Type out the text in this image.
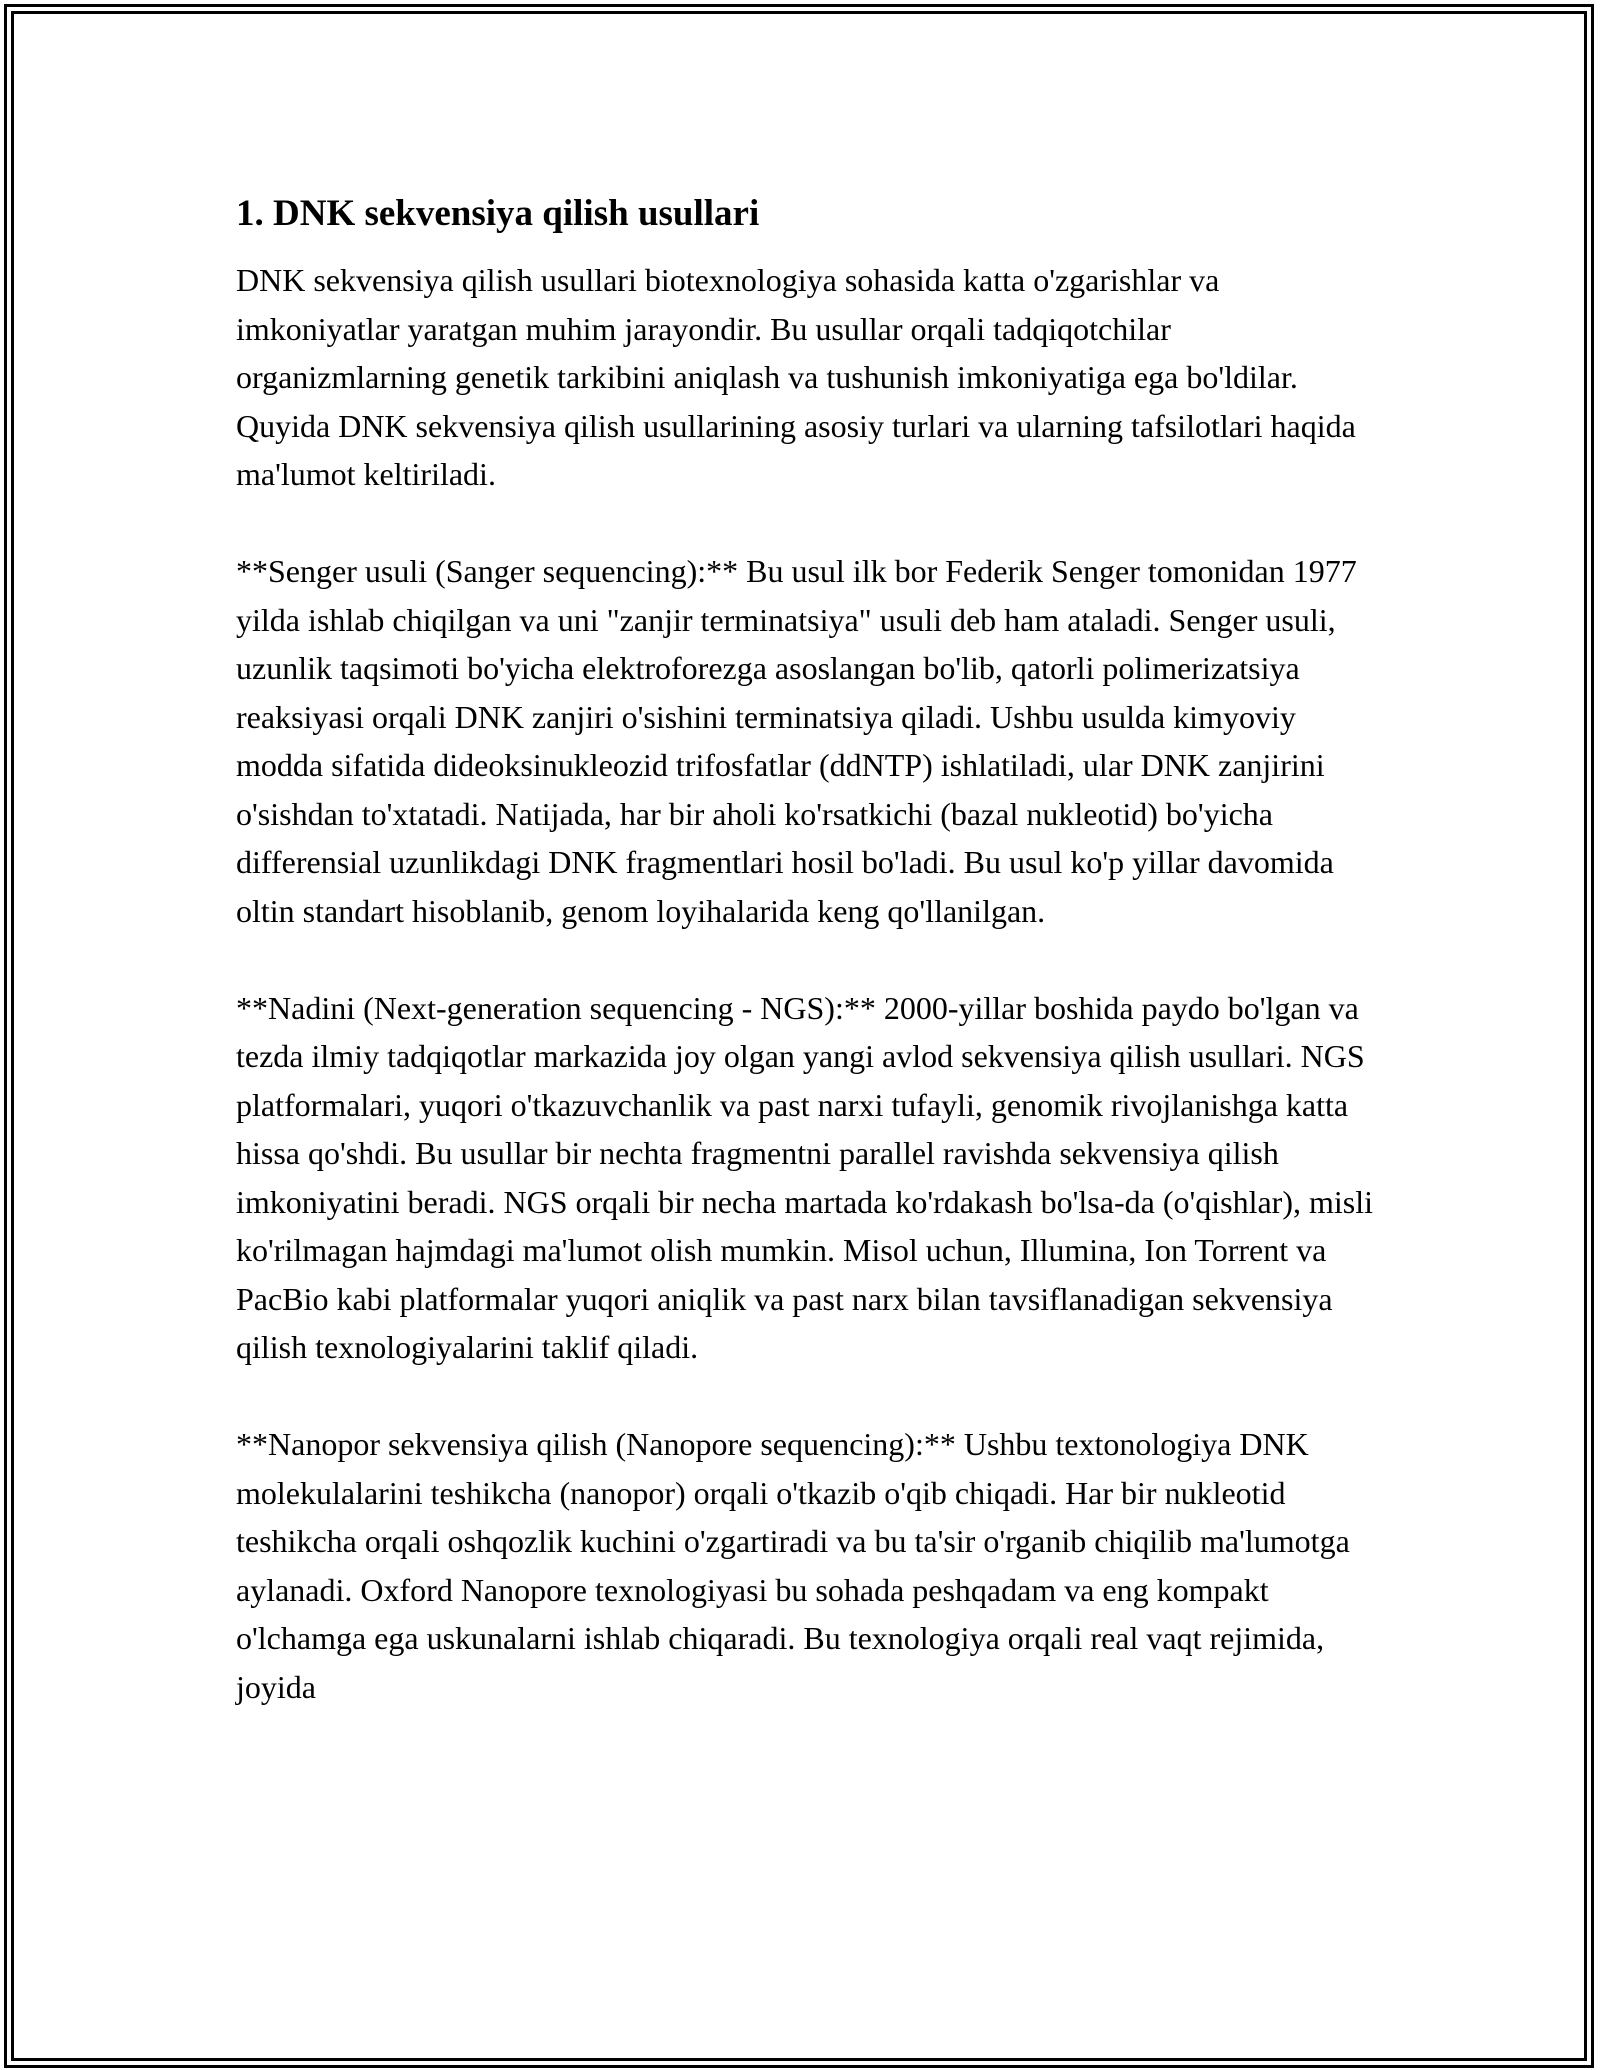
1. DNK sekvensiya qilish usullari

DNK sekvensiya qilish usullari biotexnologiya sohasida katta o'zgarishlar va imkoniyatlar yaratgan muhim jarayondir. Bu usullar orqali tadqiqotchilar organizmlarning genetik tarkibini aniqlash va tushunish imkoniyatiga ega bo'ldilar. Quyida DNK sekvensiya qilish usullarining asosiy turlari va ularning tafsilotlari haqida ma'lumot keltiriladi.

**Senger usuli (Sanger sequencing):** Bu usul ilk bor Federik Senger tomonidan 1977 yilda ishlab chiqilgan va uni "zanjir terminatsiya" usuli deb ham ataladi. Senger usuli, uzunlik taqsimoti bo'yicha elektroforezga asoslangan bo'lib, qatorli polimerizatsiya reaksiyasi orqali DNK zanjiri o'sishini terminatsiya qiladi. Ushbu usulda kimyoviy modda sifatida dideoksinukleozid trifosfatlar (ddNTP) ishlatiladi, ular DNK zanjirini o'sishdan to'xtatadi. Natijada, har bir aholi ko'rsatkichi (bazal nukleotid) bo'yicha differensial uzunlikdagi DNK fragmentlari hosil bo'ladi. Bu usul ko'p yillar davomida oltin standart hisoblanib, genom loyihalarida keng qo'llanilgan.

**Nadini (Next-generation sequencing - NGS):** 2000-yillar boshida paydo bo'lgan va tezda ilmiy tadqiqotlar markazida joy olgan yangi avlod sekvensiya qilish usullari. NGS platformalari, yuqori o'tkazuvchanlik va past narxi tufayli, genomik rivojlanishga katta hissa qo'shdi. Bu usullar bir nechta fragmentni parallel ravishda sekvensiya qilish imkoniyatini beradi. NGS orqali bir necha martada ko'rdakash bo'lsa-da (o'qishlar), misli ko'rilmagan hajmdagi ma'lumot olish mumkin. Misol uchun, Illumina, Ion Torrent va PacBio kabi platformalar yuqori aniqlik va past narx bilan tavsiflanadigan sekvensiya qilish texnologiyalarini taklif qiladi.

**Nanopor sekvensiya qilish (Nanopore sequencing):** Ushbu textonologiya DNK molekulalarini teshikcha (nanopor) orqali o'tkazib o'qib chiqadi. Har bir nukleotid teshikcha orqali oshqozlik kuchini o'zgartiradi va bu ta'sir o'rganib chiqilib ma'lumotga aylanadi. Oxford Nanopore texnologiyasi bu sohada peshqadam va eng kompakt o'lchamga ega uskunalarni ishlab chiqaradi. Bu texnologiya orqali real vaqt rejimida, joyida
